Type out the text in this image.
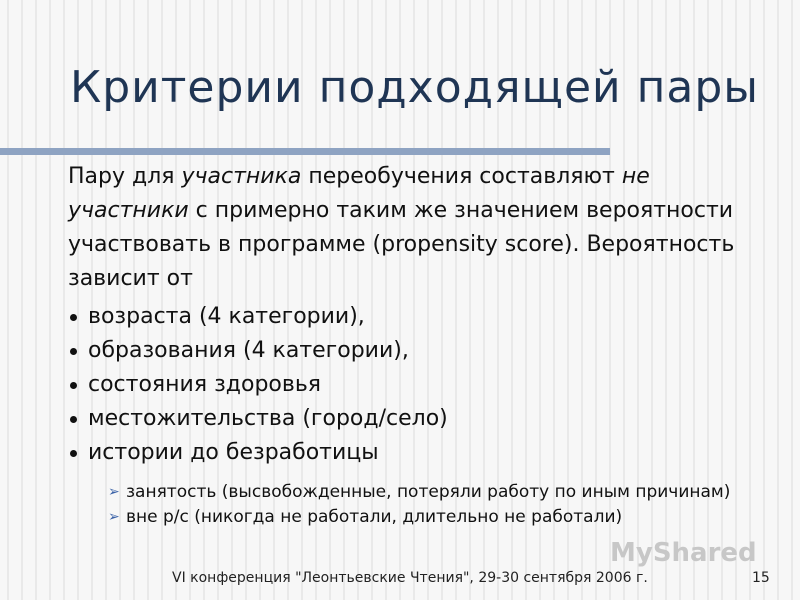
Критерии подходящей пары
Пару для участника переобучения составляют не участники с примерно таким же значением вероятности участвовать в программе (propensity score). Вероятность зависит от
возраста (4 категории),
образования (4 категории),
состояния здоровья
местожительства (город/село)
истории до безработицы
➢ занятость (высвобожденные, потеряли работу по иным причинам)
➢ вне р/с (никогда не работали, длительно не работали)
MyShared
VI конференция "Леонтьевские Чтения", 29-30 сентября 2006 г.	15
